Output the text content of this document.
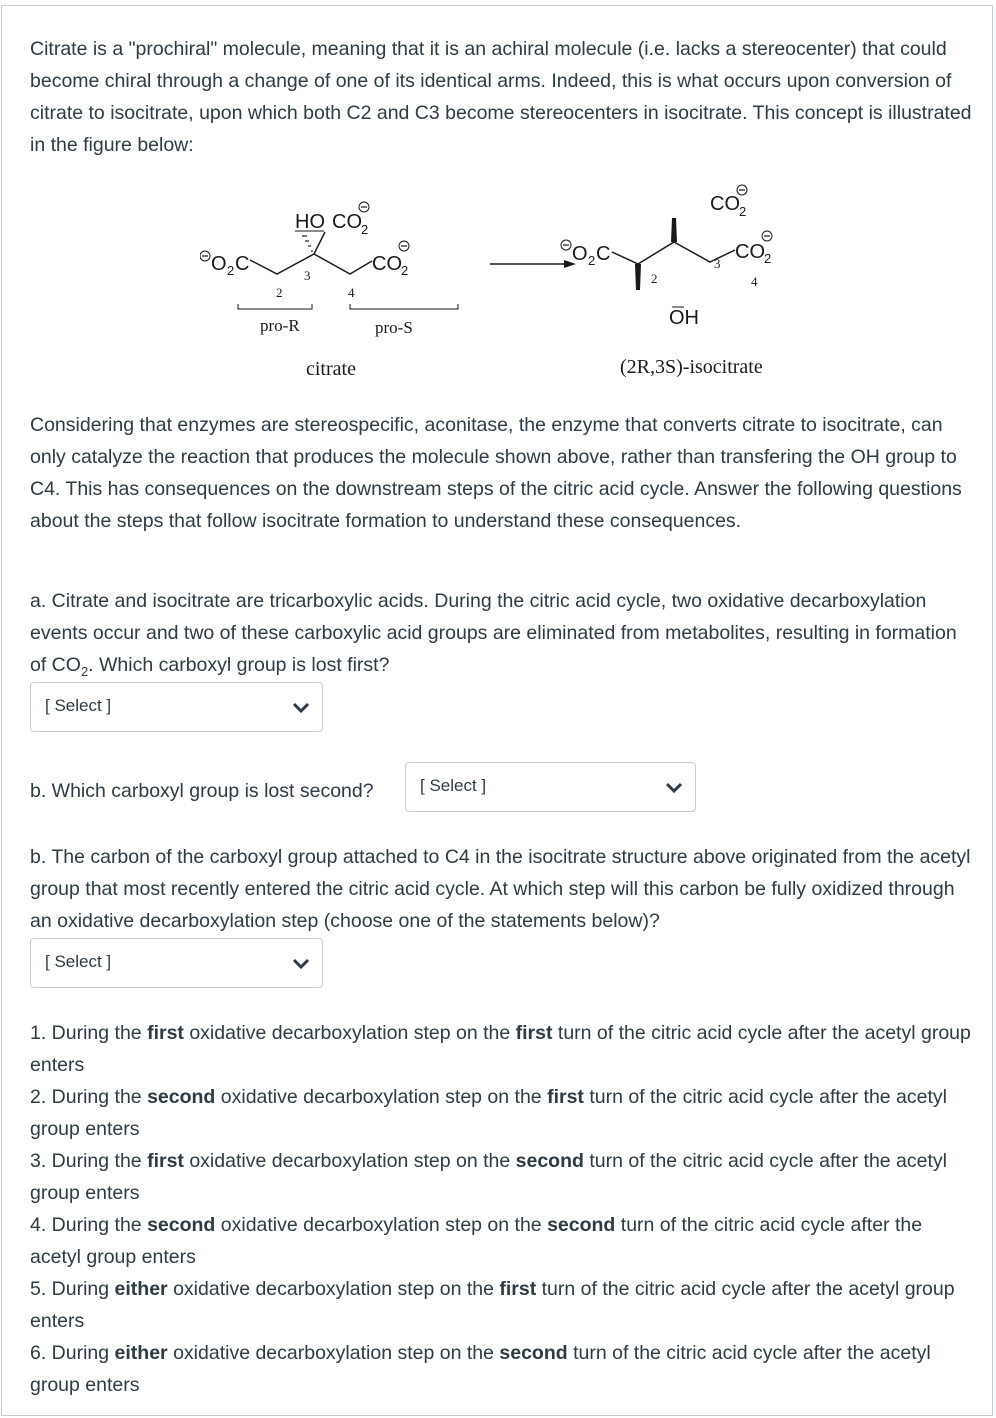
Citrate is a "prochiral" molecule, meaning that it is an achiral molecule (i.e. lacks a stereocenter) that could become chiral through a change of one of its identical arms. Indeed, this is what occurs upon conversion of citrate to isocitrate, upon which both C2 and C3 become stereocenters in isocitrate. This concept is illustrated in the figure below:

O 2 C
HO CO 2
CO 2
3
2	4
pro-R	pro-S
citrate
O 2 C
CO 2
CO 2
2
3
4
OH
(2R,3S)-isocitrate

Considering that enzymes are stereospecific, aconitase, the enzyme that converts citrate to isocitrate, can only catalyze the reaction that produces the molecule shown above, rather than transfering the OH group to C4. This has consequences on the downstream steps of the citric acid cycle. Answer the following questions about the steps that follow isocitrate formation to understand these consequences.

a. Citrate and isocitrate are tricarboxylic acids. During the citric acid cycle, two oxidative decarboxylation events occur and two of these carboxylic acid groups are eliminated from metabolites, resulting in formation of $CO_2$. Which carboxyl group is lost first?

[ Select ]
b. Which carboxyl group is lost second?	[ Select ]

b. The carbon of the carboxyl group attached to C4 in the isocitrate structure above originated from the acetyl group that most recently entered the citric acid cycle. At which step will this carbon be fully oxidized through an oxidative decarboxylation step (choose one of the statements below)?

[ Select ]

1. During the first oxidative decarboxylation step on the first turn of the citric acid cycle after the acetyl group enters

2. During the second oxidative decarboxylation step on the first turn of the citric acid cycle after the acetyl group enters

3. During the first oxidative decarboxylation step on the second turn of the citric acid cycle after the acetyl group enters

4. During the second oxidative decarboxylation step on the second turn of the citric acid cycle after the acetyl group enters

5. During either oxidative decarboxylation step on the first turn of the citric acid cycle after the acetyl group enters

6. During either oxidative decarboxylation step on the second turn of the citric acid cycle after the acetyl group enters
